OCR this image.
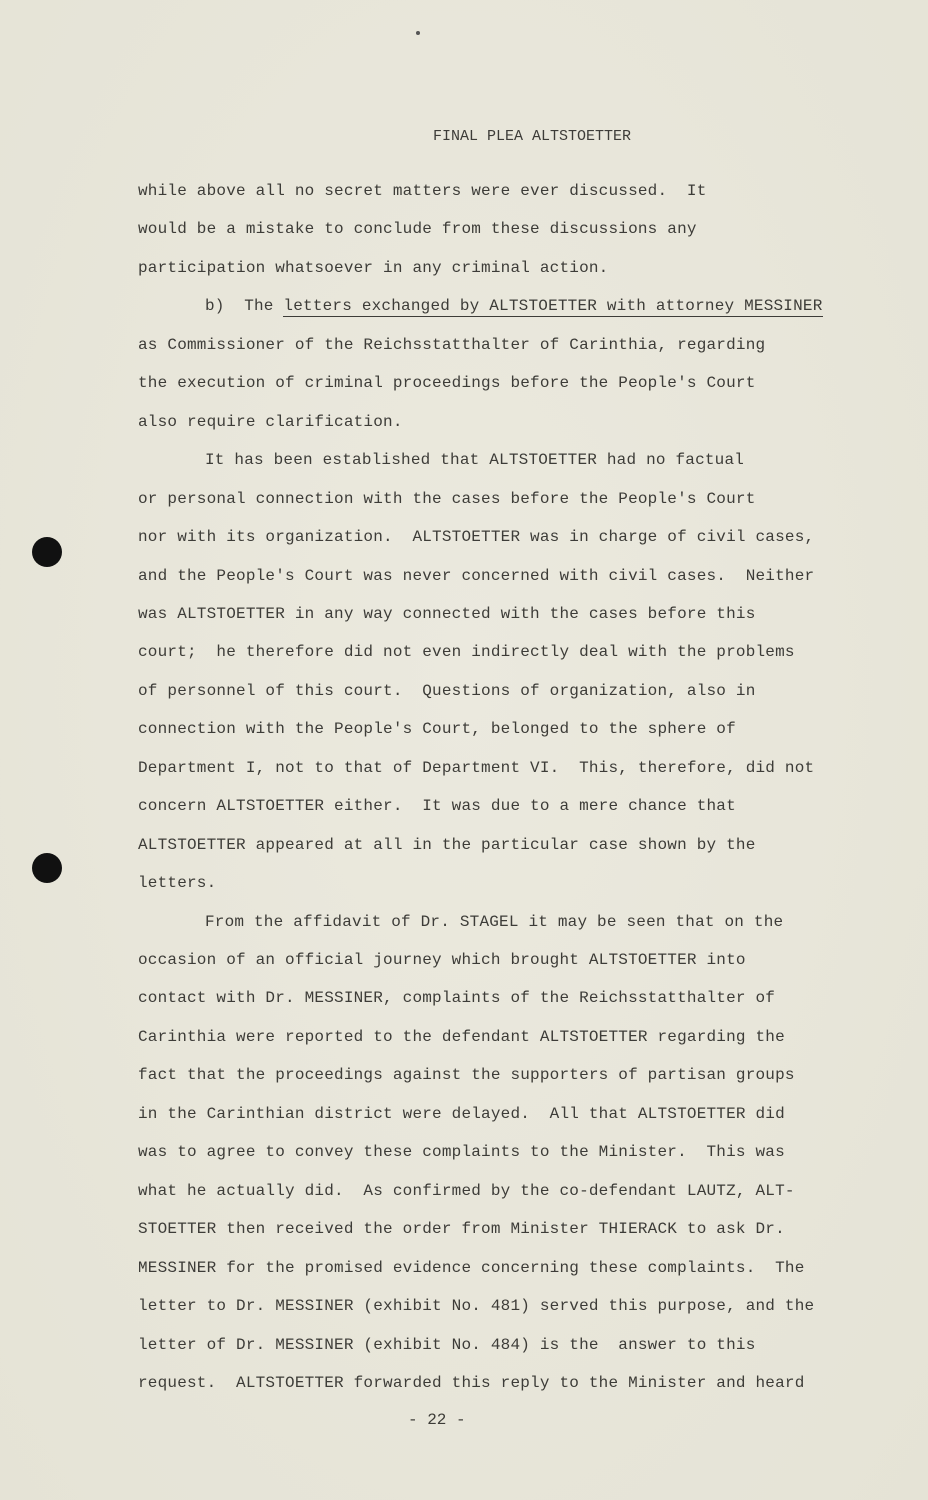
FINAL PLEA ALTSTOETTER
while above all no secret matters were ever discussed.  It
would be a mistake to conclude from these discussions any
participation whatsoever in any criminal action.
b)  The letters exchanged by ALTSTOETTER with attorney MESSINER
as Commissioner of the Reichsstatthalter of Carinthia, regarding
the execution of criminal proceedings before the People's Court
also require clarification.
It has been established that ALTSTOETTER had no factual
or personal connection with the cases before the People's Court
nor with its organization.  ALTSTOETTER was in charge of civil cases,
and the People's Court was never concerned with civil cases.  Neither
was ALTSTOETTER in any way connected with the cases before this
court;  he therefore did not even indirectly deal with the problems
of personnel of this court.  Questions of organization, also in
connection with the People's Court, belonged to the sphere of
Department I, not to that of Department VI.  This, therefore, did not
concern ALTSTOETTER either.  It was due to a mere chance that
ALTSTOETTER appeared at all in the particular case shown by the
letters.
From the affidavit of Dr. STAGEL it may be seen that on the
occasion of an official journey which brought ALTSTOETTER into
contact with Dr. MESSINER, complaints of the Reichsstatthalter of
Carinthia were reported to the defendant ALTSTOETTER regarding the
fact that the proceedings against the supporters of partisan groups
in the Carinthian district were delayed.  All that ALTSTOETTER did
was to agree to convey these complaints to the Minister.  This was
what he actually did.  As confirmed by the co-defendant LAUTZ, ALT-
STOETTER then received the order from Minister THIERACK to ask Dr.
MESSINER for the promised evidence concerning these complaints.  The
letter to Dr. MESSINER (exhibit No. 481) served this purpose, and the
letter of Dr. MESSINER (exhibit No. 484) is the  answer to this
request.  ALTSTOETTER forwarded this reply to the Minister and heard
- 22 -
